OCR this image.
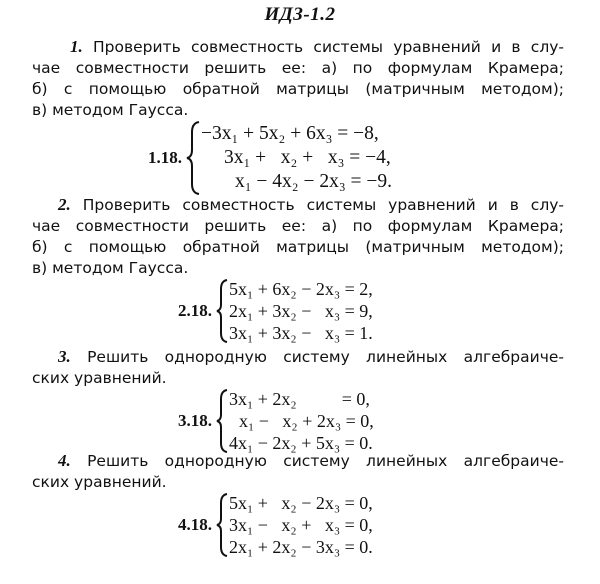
ИДЗ-1.2
1. Проверить совместность системы уравнений и в слу-
чае совместности решить ее: а) по формулам Крамера;
б) с помощью обратной матрицы (матричным методом);
в) методом Гаусса.
1.18.
−3x₁ + 5x₂ + 6x₃ = −8,
3x₁ +   x₂ +   x₃ = −4,
x₁ − 4x₂ − 2x₃ = −9.
2. Проверить совместность системы уравнений и в слу-
чае совместности решить ее: а) по формулам Крамера;
б) с помощью обратной матрицы (матричным методом);
в) методом Гаусса.
2.18.
5x₁ + 6x₂ − 2x₃ = 2,
2x₁ + 3x₂ −   x₃ = 9,
3x₁ + 3x₂ −   x₃ = 1.
3. Решить однородную систему линейных алгебраиче-
ских уравнений.
3.18.
3x₁ + 2x₂          = 0,
x₁ −   x₂ + 2x₃ = 0,
4x₁ − 2x₂ + 5x₃ = 0.
4. Решить однородную систему линейных алгебраиче-
ских уравнений.
4.18.
5x₁ +   x₂ − 2x₃ = 0,
3x₁ −   x₂ +   x₃ = 0,
2x₁ + 2x₂ − 3x₃ = 0.
